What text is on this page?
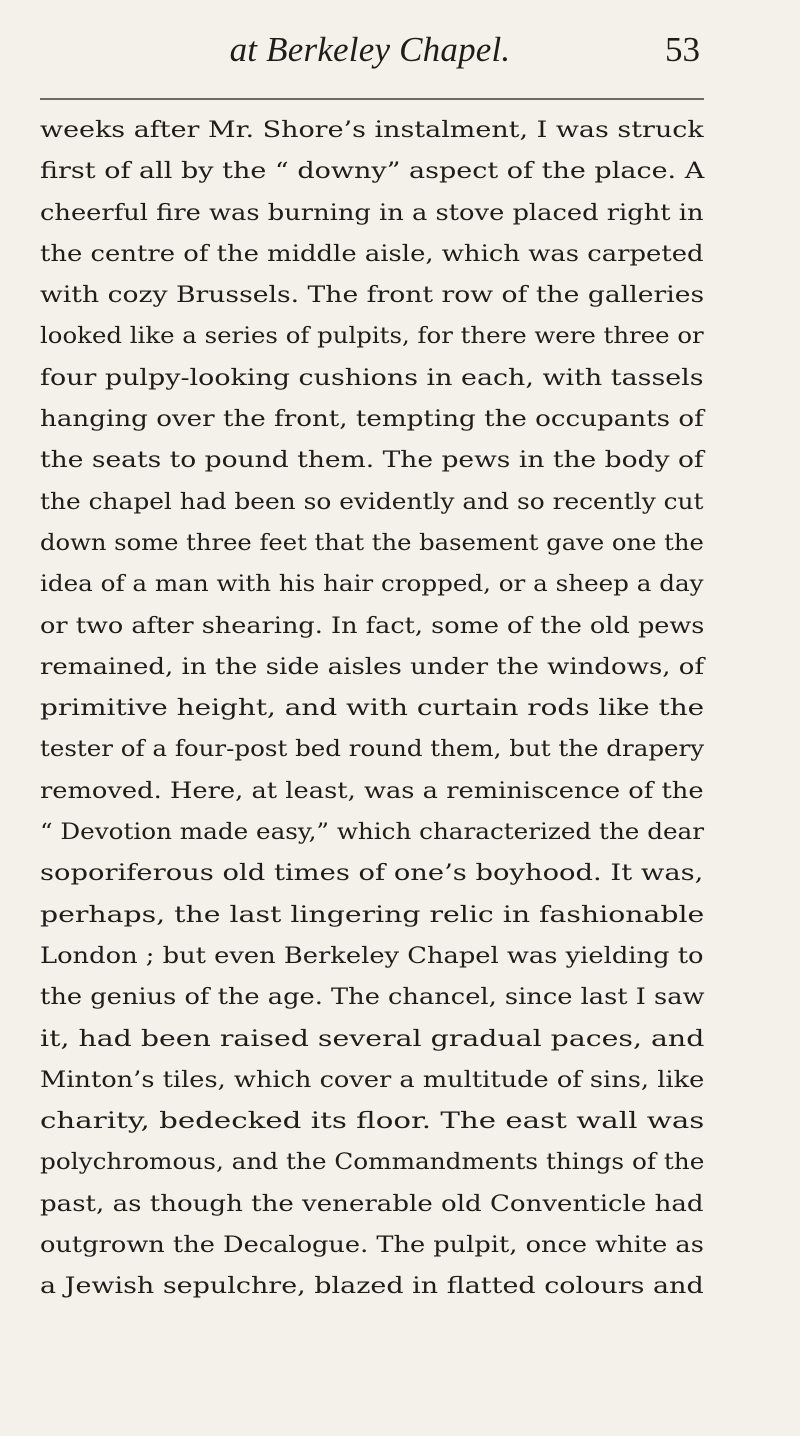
at Berkeley Chapel.	53
weeks after Mr. Shore’s instalment, I was struck
first of all by the “ downy” aspect of the place. A
cheerful fire was burning in a stove placed right in
the centre of the middle aisle, which was carpeted
with cozy Brussels. The front row of the galleries
looked like a series of pulpits, for there were three or
four pulpy-looking cushions in each, with tassels
hanging over the front, tempting the occupants of
the seats to pound them. The pews in the body of
the chapel had been so evidently and so recently cut
down some three feet that the basement gave one the
idea of a man with his hair cropped, or a sheep a day
or two after shearing. In fact, some of the old pews
remained, in the side aisles under the windows, of
primitive height, and with curtain rods like the
tester of a four-post bed round them, but the drapery
removed. Here, at least, was a reminiscence of the
“ Devotion made easy,” which characterized the dear
soporiferous old times of one’s boyhood. It was,
perhaps, the last lingering relic in fashionable
London ; but even Berkeley Chapel was yielding to
the genius of the age. The chancel, since last I saw
it, had been raised several gradual paces, and
Minton’s tiles, which cover a multitude of sins, like
charity, bedecked its floor. The east wall was
polychromous, and the Commandments things of the
past, as though the venerable old Conventicle had
outgrown the Decalogue. The pulpit, once white as
a Jewish sepulchre, blazed in flatted colours and
